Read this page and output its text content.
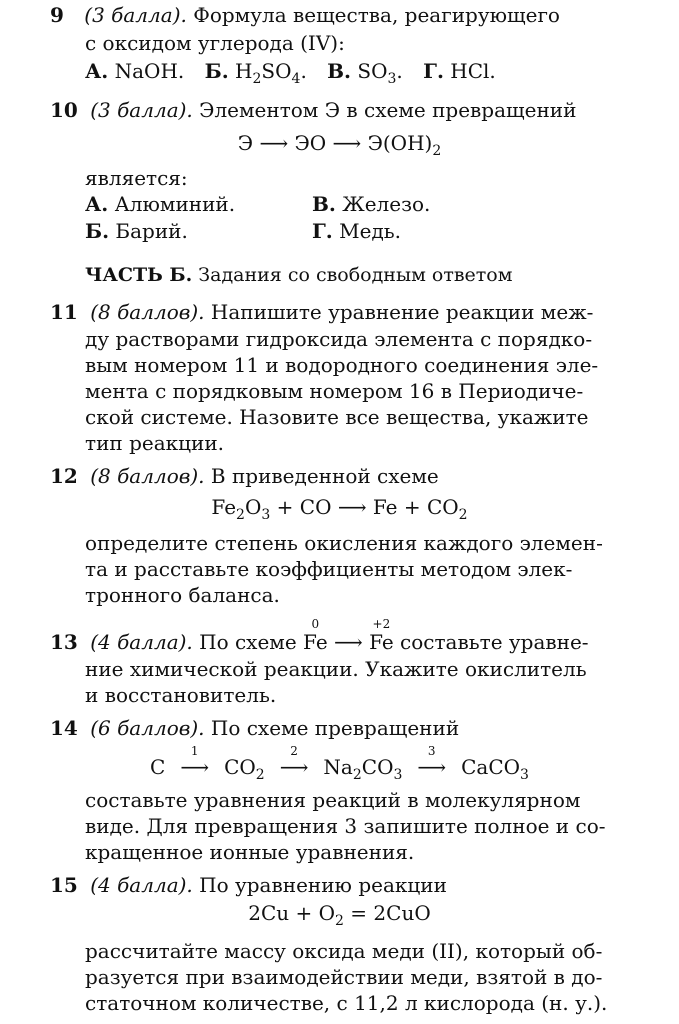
9 (3 балла). Формула вещества, реагирующего
с оксидом углерода (IV):
А. NaOH. Б. $H_2SO_4$. В. $SO_3$. Г. HCl.
10 (3 балла). Элементом Э в схеме превращений
Э ⟶ ЭО ⟶ $Э(OH)_2$
является:
А. Алюминий.	В. Железо.
Б. Барий.	Г. Медь.
ЧАСТЬ Б. Задания со свободным ответом
11 (8 баллов). Напишите уравнение реакции меж-
ду растворами гидроксида элемента с порядко-
вым номером 11 и водородного соединения эле-
мента с порядковым номером 16 в Периодиче-
ской системе. Назовите все вещества, укажите
тип реакции.
12 (8 баллов). В приведенной схеме
$Fe_2O_3$ + CO ⟶ $Fe + CO_2$
определите степень окисления каждого элемен-
та и расставьте коэффициенты методом элек-
тронного баланса.
13 (4 балла). По схеме
0
Fe ⟶
+2
Fe составьте уравне-
ние химической реакции. Укажите окислитель
и восстановитель.
14 (6 баллов). По схеме превращений
C
1
⟶ $CO_2$
2
⟶ $Na_2CO_3$
3
⟶ CaCO$_3$
составьте уравнения реакций в молекулярном
виде. Для превращения 3 запишите полное и со-
кращенное ионные уравнения.
15 (4 балла). По уравнению реакции
$2Cu + O_2 = 2CuO$
рассчитайте массу оксида меди (II), который об-
разуется при взаимодействии меди, взятой в до-
статочном количестве, с 11,2 л кислорода (н. у.).
